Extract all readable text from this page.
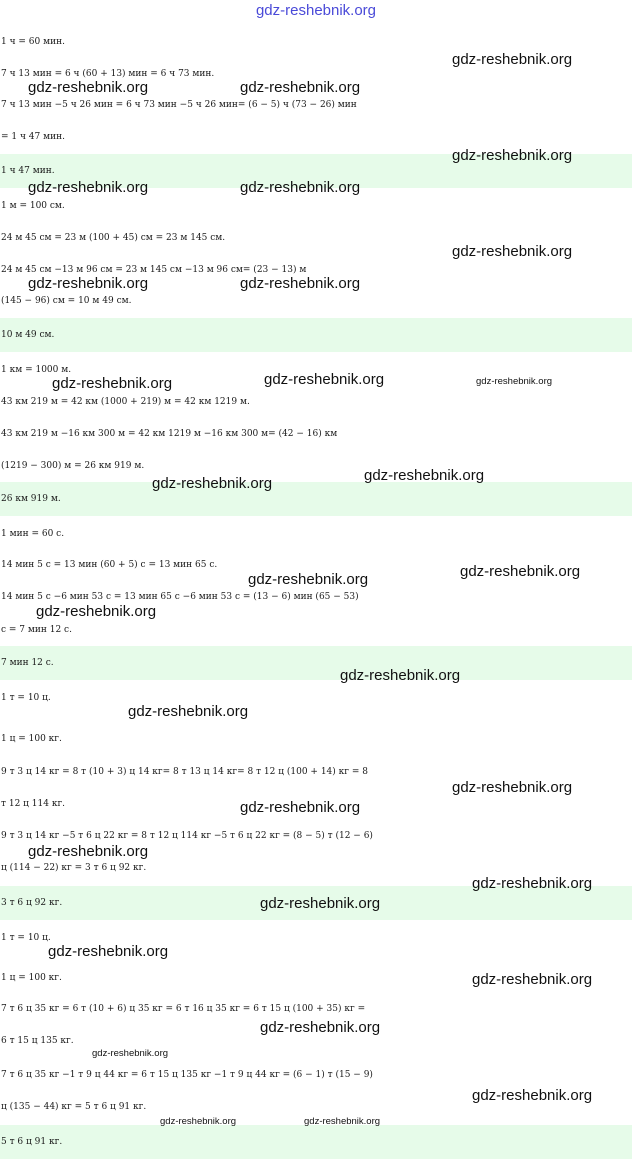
gdz-reshebnik.org
1 ч = 60 мин.
7 ч 13 мин = 6 ч (60 + 13) мин = 6 ч 73 мин.
7 ч 13 мин −5 ч 26 мин = 6 ч 73 мин −5 ч 26 мин= (6 − 5) ч (73 − 26) мин
= 1 ч 47 мин.
1 ч 47 мин.
1 м = 100 см.
24 м 45 см = 23 м (100 + 45) см = 23 м 145 см.
24 м 45 см −13 м 96 см = 23 м 145 см −13 м 96 см= (23 − 13) м
(145 − 96) см = 10 м 49 см.
10 м 49 см.
1 км = 1000 м.
43 км 219 м = 42 км (1000 + 219) м = 42 км 1219 м.
43 км 219 м −16 км 300 м = 42 км 1219 м −16 км 300 м= (42 − 16) км
(1219 − 300) м = 26 км 919 м.
26 км 919 м.
1 мин = 60 с.
14 мин 5 с = 13 мин (60 + 5) с = 13 мин 65 с.
14 мин 5 с −6 мин 53 с = 13 мин 65 с −6 мин 53 с = (13 − 6) мин (65 − 53)
с = 7 мин 12 с.
7 мин 12 с.
1 т = 10 ц.
1 ц = 100 кг.
9 т 3 ц 14 кг = 8 т (10 + 3) ц 14 кг= 8 т 13 ц 14 кг= 8 т 12 ц (100 + 14) кг = 8
т 12 ц 114 кг.
9 т 3 ц 14 кг −5 т 6 ц 22 кг = 8 т 12 ц 114 кг −5 т 6 ц 22 кг = (8 − 5) т (12 − 6)
ц (114 − 22) кг = 3 т 6 ц 92 кг.
3 т 6 ц 92 кг.
1 т = 10 ц.
1 ц = 100 кг.
7 т 6 ц 35 кг = 6 т (10 + 6) ц 35 кг = 6 т 16 ц 35 кг = 6 т 15 ц (100 + 35) кг =
6 т 15 ц 135 кг.
7 т 6 ц 35 кг −1 т 9 ц 44 кг = 6 т 15 ц 135 кг −1 т 9 ц 44 кг = (6 − 1) т (15 − 9)
ц (135 − 44) кг = 5 т 6 ц 91 кг.
5 т 6 ц 91 кг.
gdz-reshebnik.org
gdz-reshebnik.org	gdz-reshebnik.org
gdz-reshebnik.org
gdz-reshebnik.org	gdz-reshebnik.org
gdz-reshebnik.org
gdz-reshebnik.org	gdz-reshebnik.org
gdz-reshebnik.org	gdz-reshebnik.org	gdz-reshebnik.org
gdz-reshebnik.org
gdz-reshebnik.org
gdz-reshebnik.org
gdz-reshebnik.org
gdz-reshebnik.org
gdz-reshebnik.org
gdz-reshebnik.org
gdz-reshebnik.org
gdz-reshebnik.org
gdz-reshebnik.org
gdz-reshebnik.org
gdz-reshebnik.org
gdz-reshebnik.org
gdz-reshebnik.org
gdz-reshebnik.org
gdz-reshebnik.org
gdz-reshebnik.org
gdz-reshebnik.org	gdz-reshebnik.org
